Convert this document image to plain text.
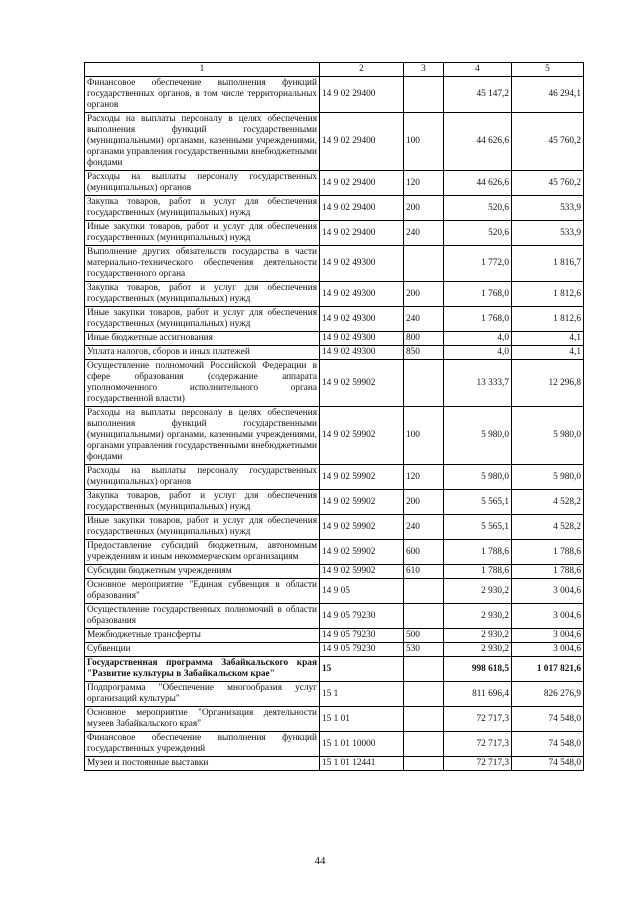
1	2	3	4	5
Финансовое обеспечение выполнения функций государственных органов, в том числе территориальных органов	14 9 02 29400		45 147,2	46 294,1
Расходы на выплаты персоналу в целях обеспечения выполнения функций государственными (муниципальными) органами, казенными учреждениями, органами управления государственными внебюджетными фондами	14 9 02 29400	100	44 626,6	45 760,2
Расходы на выплаты персоналу государственных (муниципальных) органов	14 9 02 29400	120	44 626,6	45 760,2
Закупка товаров, работ и услуг для обеспечения государственных (муниципальных) нужд	14 9 02 29400	200	520,6	533,9
Иные закупки товаров, работ и услуг для обеспечения государственных (муниципальных) нужд	14 9 02 29400	240	520,6	533,9
Выполнение других обязательств государства в части материально-технического обеспечения деятельности государственного органа	14 9 02 49300		1 772,0	1 816,7
Закупка товаров, работ и услуг для обеспечения государственных (муниципальных) нужд	14 9 02 49300	200	1 768,0	1 812,6
Иные закупки товаров, работ и услуг для обеспечения государственных (муниципальных) нужд	14 9 02 49300	240	1 768,0	1 812,6
Иные бюджетные ассигнования	14 9 02 49300	800	4,0	4,1
Уплата налогов, сборов и иных платежей	14 9 02 49300	850	4,0	4,1
Осуществление полномочий Российской Федерации в сфере образования (содержание аппарата уполномоченного исполнительного органа государственной власти)	14 9 02 59902		13 333,7	12 296,8
Расходы на выплаты персоналу в целях обеспечения выполнения функций государственными (муниципальными) органами, казенными учреждениями, органами управления государственными внебюджетными фондами	14 9 02 59902	100	5 980,0	5 980,0
Расходы на выплаты персоналу государственных (муниципальных) органов	14 9 02 59902	120	5 980,0	5 980,0
Закупка товаров, работ и услуг для обеспечения государственных (муниципальных) нужд	14 9 02 59902	200	5 565,1	4 528,2
Иные закупки товаров, работ и услуг для обеспечения государственных (муниципальных) нужд	14 9 02 59902	240	5 565,1	4 528,2
Предоставление субсидий бюджетным, автономным учреждениям и иным некоммерческим организациям	14 9 02 59902	600	1 788,6	1 788,6
Субсидии бюджетным учреждениям	14 9 02 59902	610	1 788,6	1 788,6
Основное мероприятие "Единая субвенция в области образования"	14 9 05		2 930,2	3 004,6
Осуществление государственных полномочий в области образования	14 9 05 79230		2 930,2	3 004,6
Межбюджетные трансферты	14 9 05 79230	500	2 930,2	3 004,6
Субвенции	14 9 05 79230	530	2 930,2	3 004,6
Государственная программа Забайкальского края "Развитие культуры в Забайкальском крае"	15		998 618,5	1 017 821,6
Подпрограмма "Обеспечение многообразия услуг организаций культуры"	15 1		811 696,4	826 276,9
Основное мероприятие "Организация деятельности музеев Забайкальского края"	15 1 01		72 717,3	74 548,0
Финансовое обеспечение выполнения функций государственных учреждений	15 1 01 10000		72 717,3	74 548,0
Музеи и постоянные выставки	15 1 01 12441		72 717,3	74 548,0
44
